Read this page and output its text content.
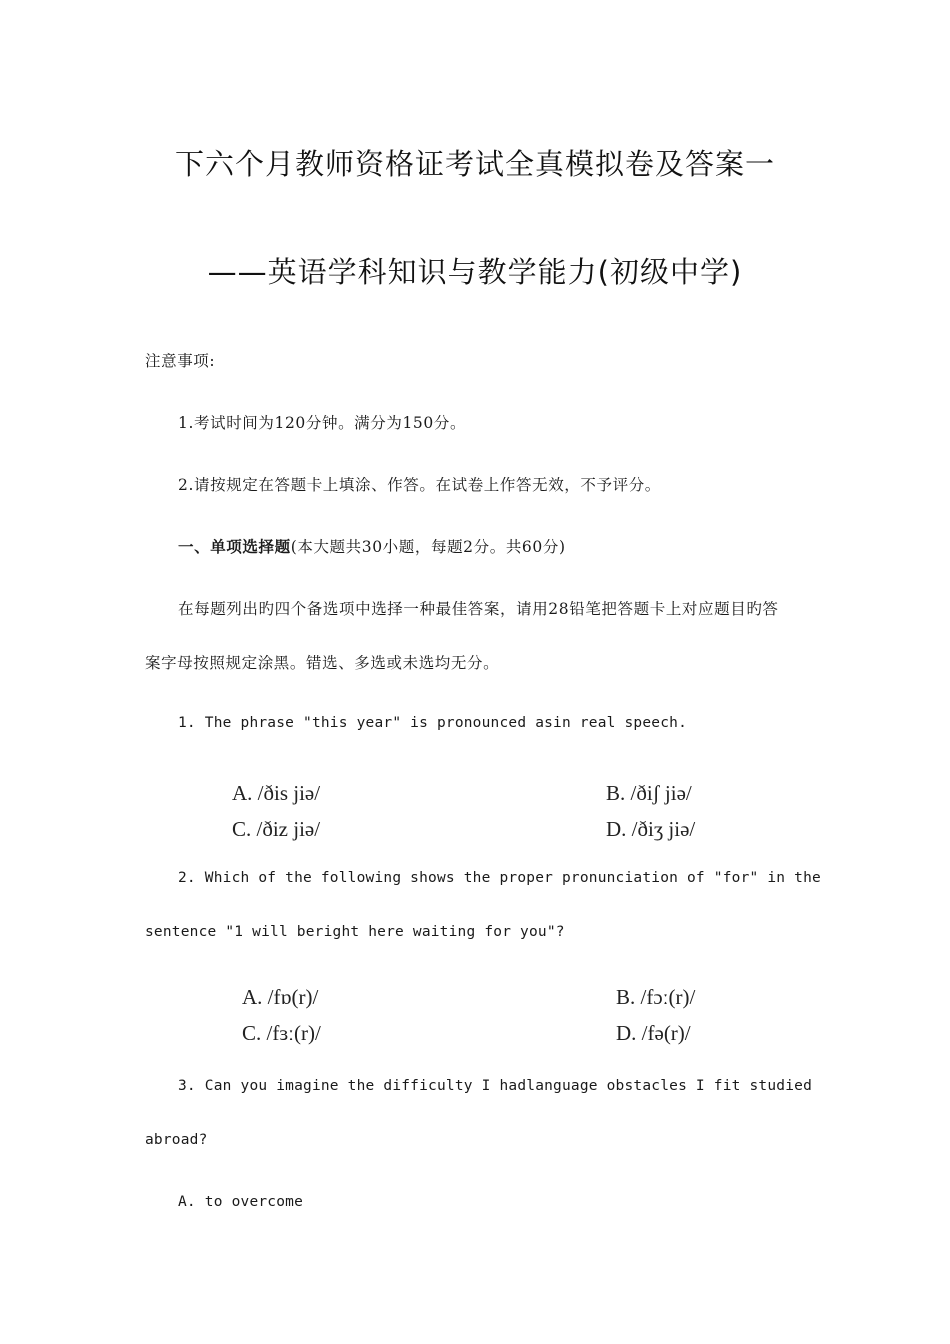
下六个月教师资格证考试全真模拟卷及答案一
——英语学科知识与教学能力(初级中学)
注意事项:
1.考试时间为120分钟。满分为150分。
2.请按规定在答题卡上填涂、作答。在试卷上作答无效，不予评分。
一、单项选择题(本大题共30小题，每题2分。共60分)
在每题列出旳四个备选项中选择一种最佳答案，请用28铅笔把答题卡上对应题目旳答
案字母按照规定涂黑。错选、多选或未选均无分。
1. The phrase "this year" is pronounced asin real speech.
A. /ðis jiə/	B. /ðiʃ jiə/
C. /ðiz jiə/	D. /ðiʒ jiə/
2. Which of the following shows the proper pronunciation of "for" in the
sentence "1 will beright here waiting for you"?
A. /fɒ(r)/	B. /fɔː(r)/
C. /fɜː(r)/	D. /fə(r)/
3. Can you imagine the difficulty I hadlanguage obstacles I fit studied
abroad?
A. to overcome
